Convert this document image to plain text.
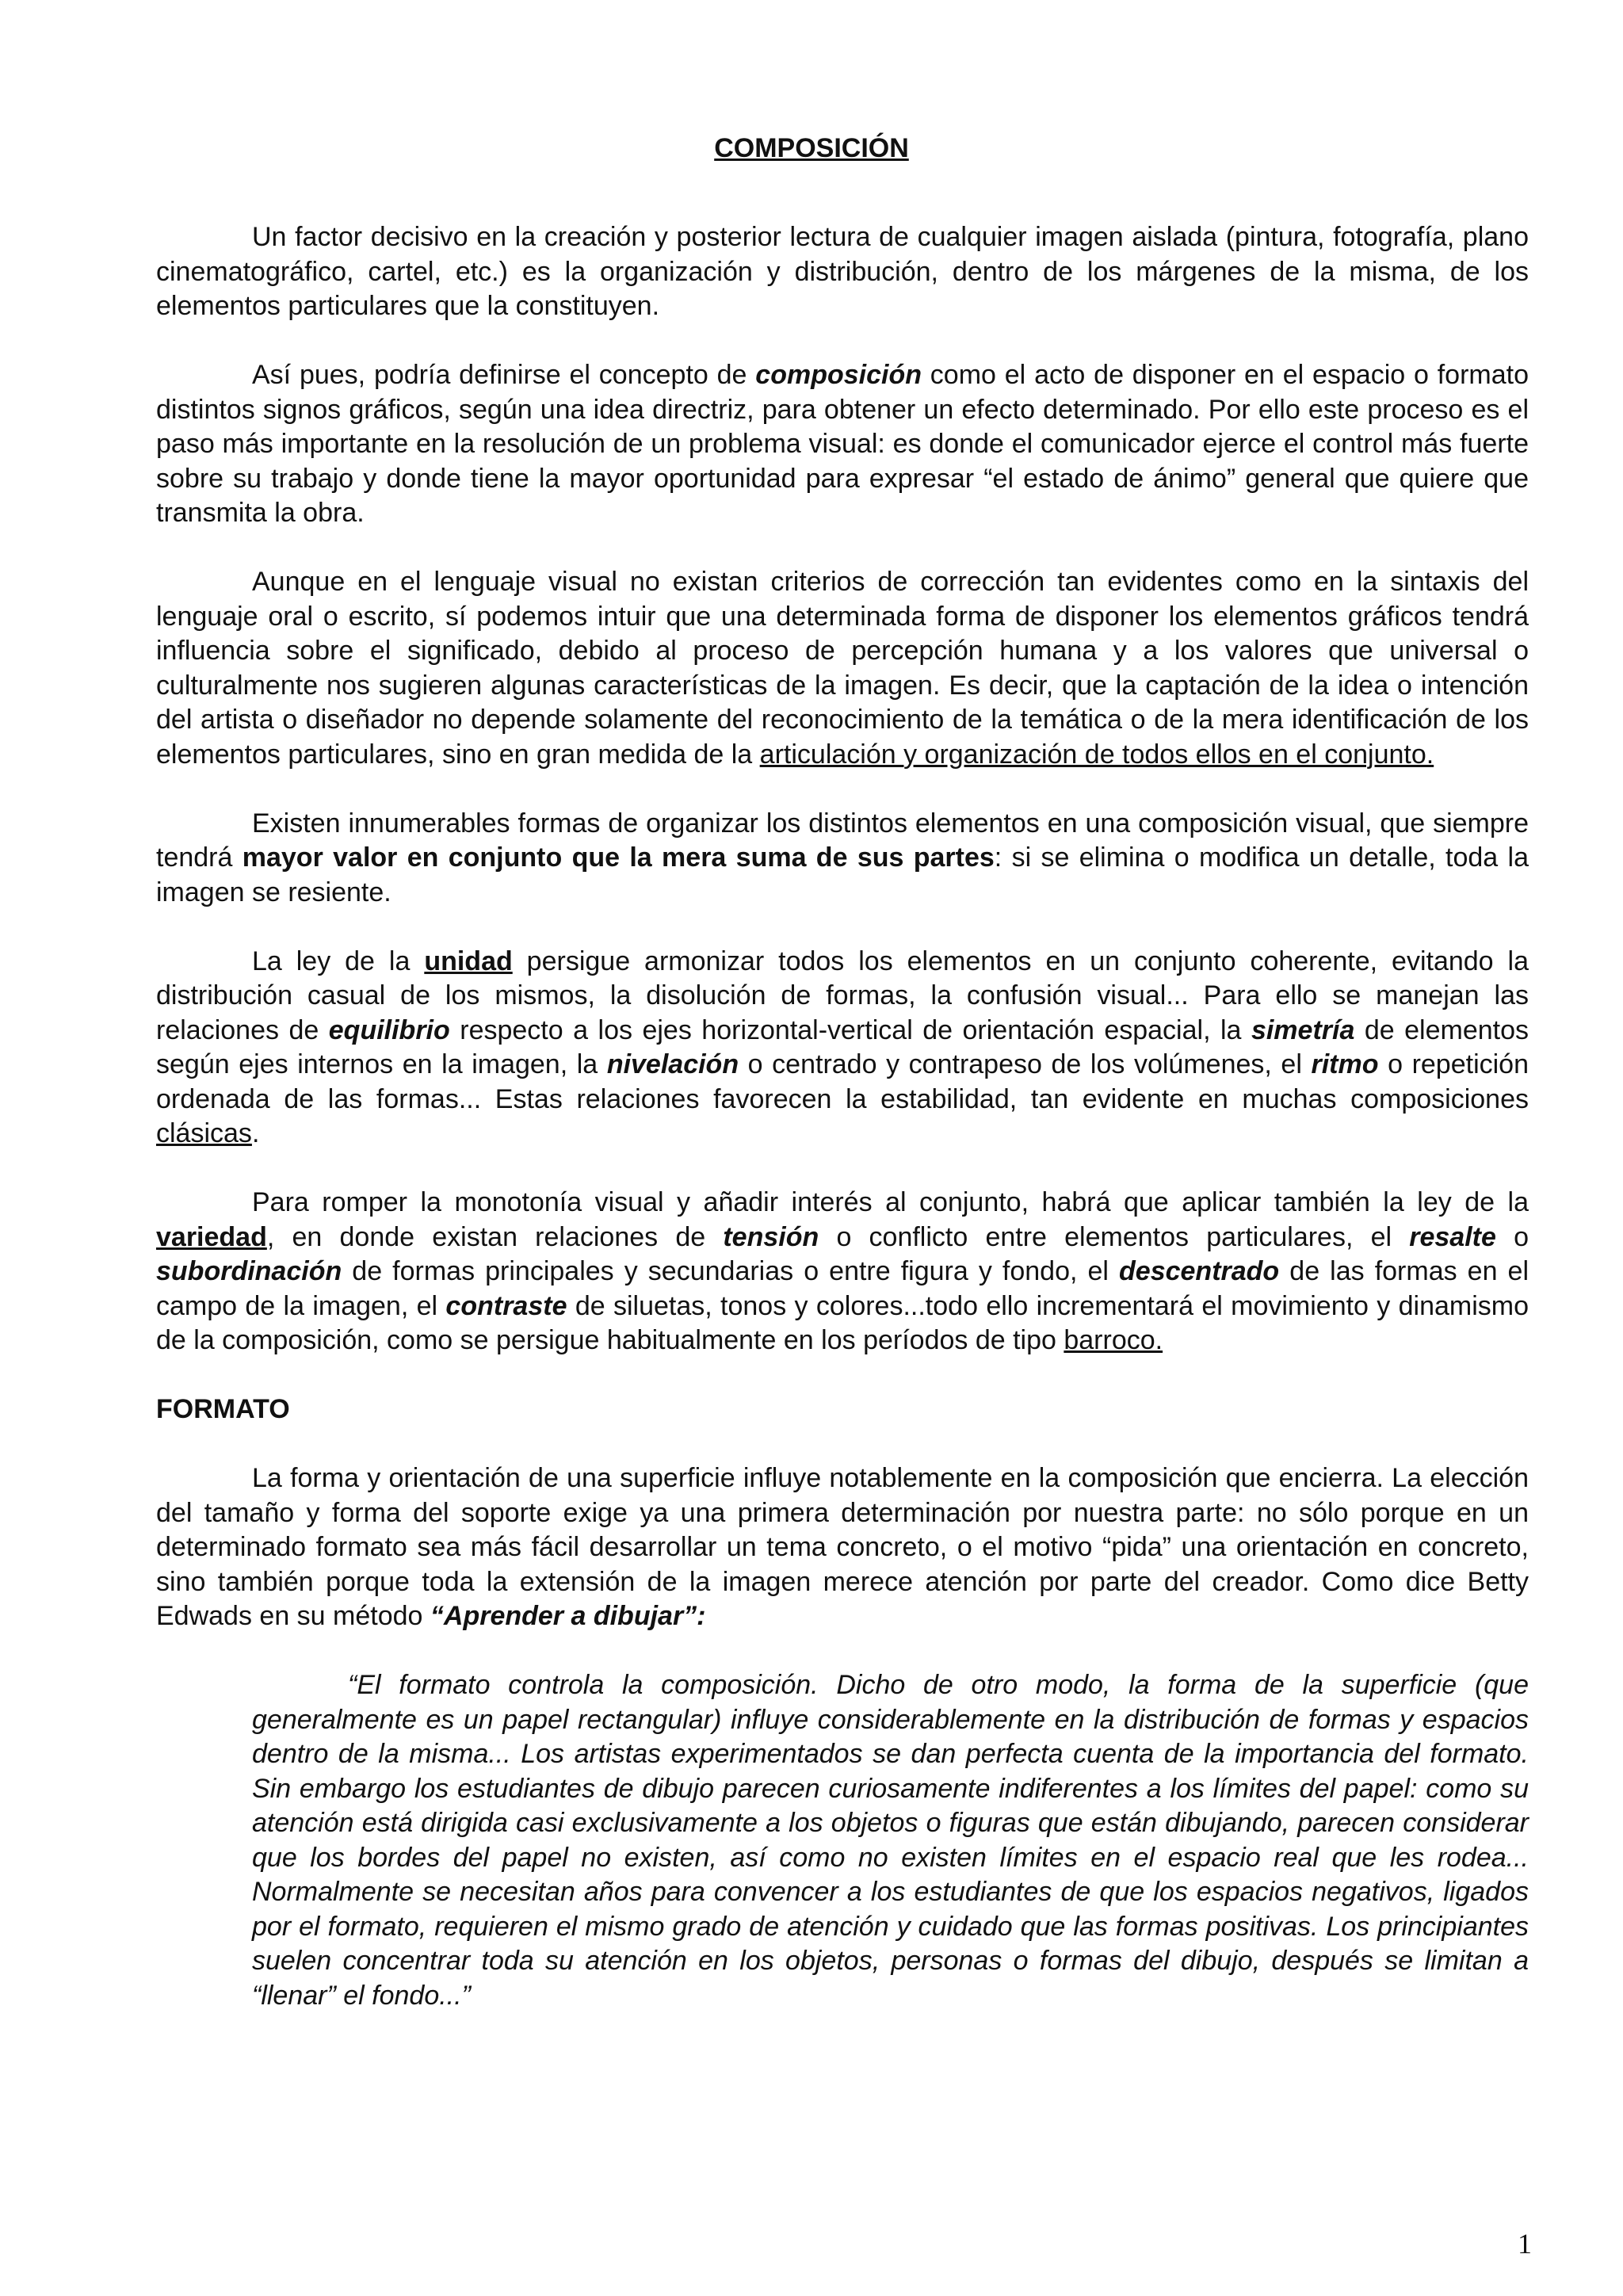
COMPOSICIÓN

Un factor decisivo en la creación y posterior lectura de cualquier imagen aislada (pintura, fotografía, plano cinematográfico, cartel, etc.) es la organización y distribución, dentro de los márgenes de la misma, de los elementos particulares que la constituyen.

Así pues, podría definirse el concepto de composición como el acto de disponer en el espacio o formato distintos signos gráficos, según una idea directriz, para obtener un efecto determinado. Por ello este proceso es el paso más importante en la resolución de un problema visual: es donde el comunicador ejerce el control más fuerte sobre su trabajo y donde tiene la mayor oportunidad para expresar “el estado de ánimo” general que quiere que transmita la obra.

Aunque en el lenguaje visual no existan criterios de corrección tan evidentes como en la sintaxis del lenguaje oral o escrito, sí podemos intuir que una determinada forma de disponer los elementos gráficos tendrá influencia sobre el significado, debido al proceso de percepción humana y a los valores que universal o culturalmente nos sugieren algunas características de la imagen. Es decir, que la captación de la idea o intención del artista o diseñador no depende solamente del reconocimiento de la temática o de la mera identificación de los elementos particulares, sino en gran medida de la articulación y organización de todos ellos en el conjunto.

Existen innumerables formas de organizar los distintos elementos en una composición visual, que siempre tendrá mayor valor en conjunto que la mera suma de sus partes: si se elimina o modifica un detalle, toda la imagen se resiente.

La ley de la unidad persigue armonizar todos los elementos en un conjunto coherente, evitando la distribución casual de los mismos, la disolución de formas, la confusión visual... Para ello se manejan las relaciones de equilibrio respecto a los ejes horizontal-vertical de orientación espacial, la simetría de elementos según ejes internos en la imagen, la nivelación o centrado y contrapeso de los volúmenes, el ritmo o repetición ordenada de las formas... Estas relaciones favorecen la estabilidad, tan evidente en muchas composiciones clásicas.

Para romper la monotonía visual y añadir interés al conjunto, habrá que aplicar también la ley de la variedad, en donde existan relaciones de tensión o conflicto entre elementos particulares, el resalte o subordinación de formas principales y secundarias o entre figura y fondo, el descentrado de las formas en el campo de la imagen, el contraste de siluetas, tonos y colores...todo ello incrementará el movimiento y dinamismo de la composición, como se persigue habitualmente en los períodos de tipo barroco.

FORMATO

La forma y orientación de una superficie influye notablemente en la composición que encierra. La elección del tamaño y forma del soporte exige ya una primera determinación por nuestra parte: no sólo porque en un determinado formato sea más fácil desarrollar un tema concreto, o el motivo “pida” una orientación en concreto, sino también porque toda la extensión de la imagen merece atención por parte del creador. Como dice Betty Edwads en su método “Aprender a dibujar”:

“El formato controla la composición. Dicho de otro modo, la forma de la superficie (que generalmente es un papel rectangular) influye considerablemente en la distribución de formas y espacios dentro de la misma... Los artistas experimentados se dan perfecta cuenta de la importancia del formato. Sin embargo los estudiantes de dibujo parecen curiosamente indiferentes a los límites del papel: como su atención está dirigida casi exclusivamente a los objetos o figuras que están dibujando, parecen considerar que los bordes del papel no existen, así como no existen límites en el espacio real que les rodea... Normalmente se necesitan años para convencer a los estudiantes de que los espacios negativos, ligados por el formato, requieren el mismo grado de atención y cuidado que las formas positivas. Los principiantes suelen concentrar toda su atención en los objetos, personas o formas del dibujo, después se limitan a “llenar” el fondo...”

1
